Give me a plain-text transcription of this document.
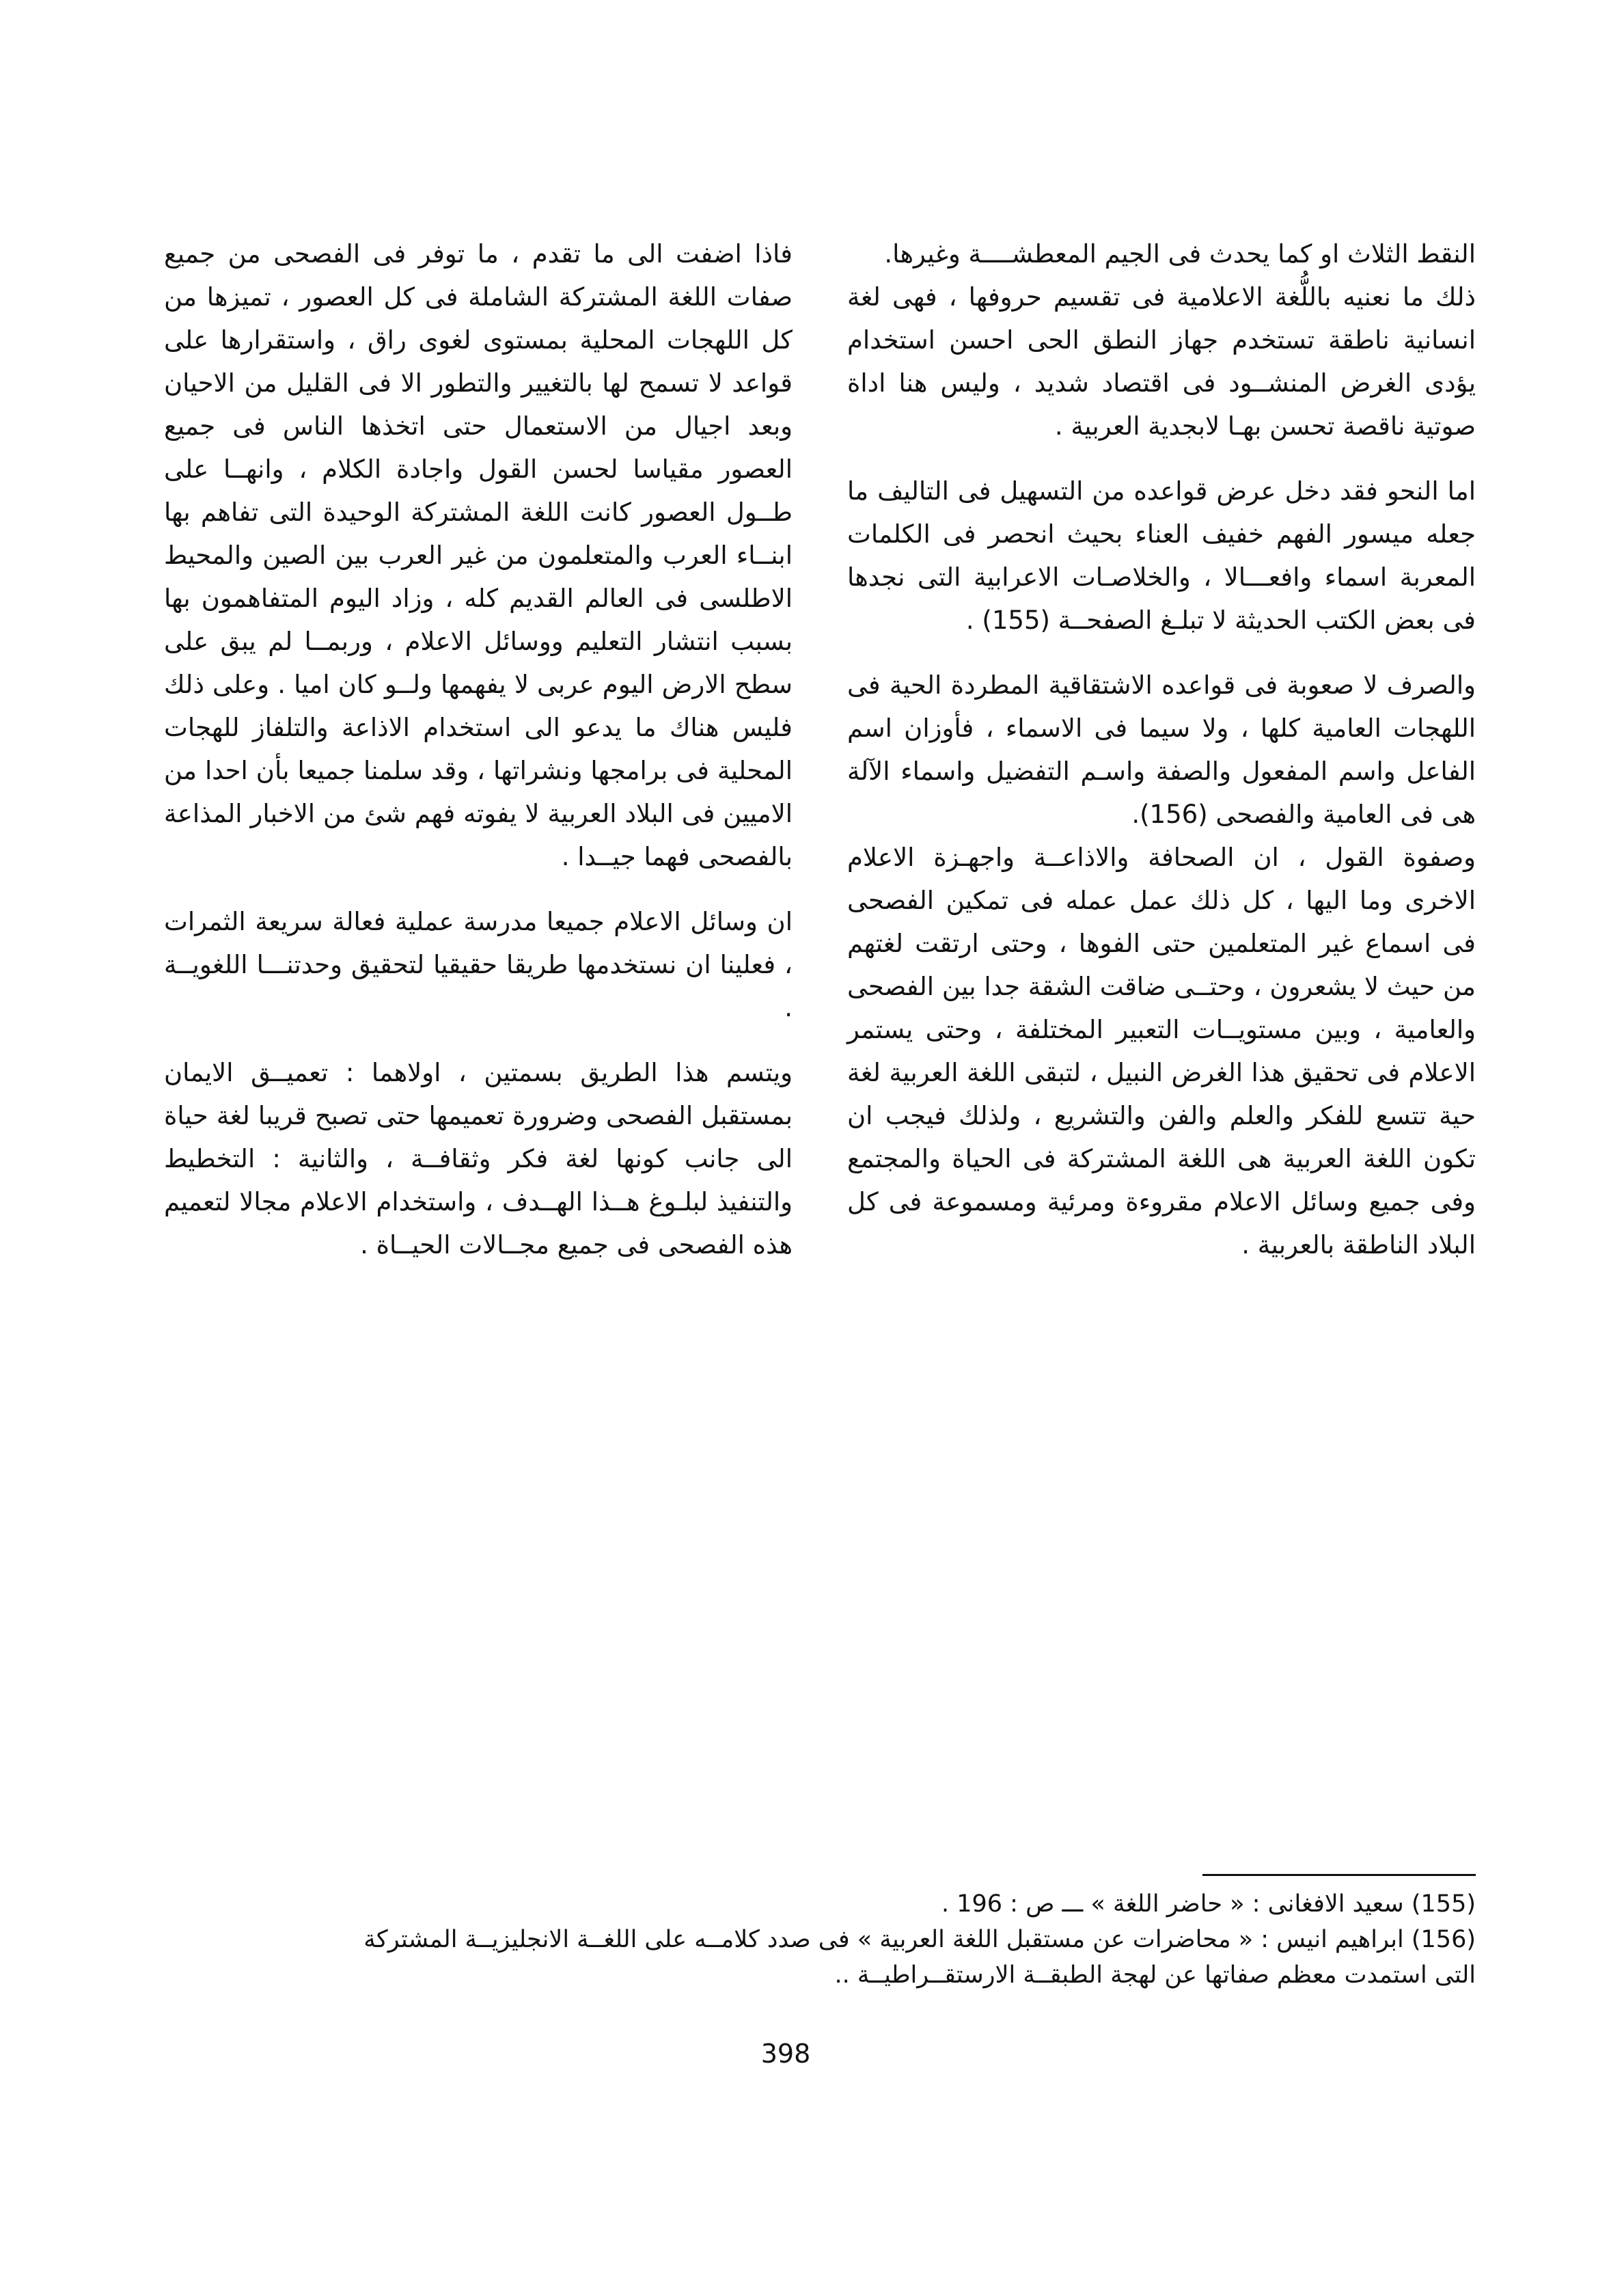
النقط الثلاث او كما يحدث فى الجيم المعطشــــة وغيرها.
ذلك ما نعنيه باللُّغة الاعلامية فى تقسيم حروفها ، فهى لغة انسانية ناطقة تستخدم جهاز النطق الحى احسن استخدام يؤدى الغرض المنشــود فى اقتصاد شديد ، وليس هنا اداة صوتية ناقصة تحسن بهـا لابجدية العربية .

اما النحو فقد دخل عرض قواعده من التسهيل فى التاليف ما جعله ميسور الفهم خفيف العناء بحيث انحصر فى الكلمات المعربة اسماء وافعـــالا ، والخلاصـات الاعرابية التى نجدها فى بعض الكتب الحديثة لا تبلـغ الصفحــة (155) .

والصرف لا صعوبة فى قواعده الاشتقاقية المطردة الحية فى اللهجات العامية كلها ، ولا سيما فى الاسماء ، فأوزان اسم الفاعل واسم المفعول والصفة واسـم التفضيل واسماء الآلة هى فى العامية والفصحى (156).

وصفوة القول ، ان الصحافة والاذاعــة واجهـزة الاعلام الاخرى وما اليها ، كل ذلك عمل عمله فى تمكين الفصحى فى اسماع غير المتعلمين حتى الفوها ، وحتى ارتقت لغتهم من حيث لا يشعرون ، وحتــى ضاقت الشقة جدا بين الفصحى والعامية ، وبين مستويــات التعبير المختلفة ، وحتى يستمر الاعلام فى تحقيق هذا الغرض النبيل ، لتبقى اللغة العربية لغة حية تتسع للفكر والعلم والفن والتشريع ، ولذلك فيجب ان تكون اللغة العربية هى اللغة المشتركة فى الحياة والمجتمع وفى جميع وسائل الاعلام مقروءة ومرئية ومسموعة فى كل البلاد الناطقة بالعربية .

فاذا اضفت الى ما تقدم ، ما توفر فى الفصحى من جميع صفات اللغة المشتركة الشاملة فى كل العصور ، تميزها من كل اللهجات المحلية بمستوى لغوى راق ، واستقرارها على قواعد لا تسمح لها بالتغيير والتطور الا فى القليل من الاحيان وبعد اجيال من الاستعمال حتى اتخذها الناس فى جميع العصور مقياسا لحسن القول واجادة الكلام ، وانهــا على طــول العصور كانت اللغة المشتركة الوحيدة التى تفاهم بها ابنــاء العرب والمتعلمون من غير العرب بين الصين والمحيط الاطلسى فى العالم القديم كله ، وزاد اليوم المتفاهمون بها بسبب انتشار التعليم ووسائل الاعلام ، وربمــا لم يبق على سطح الارض اليوم عربى لا يفهمها ولــو كان اميا . وعلى ذلك فليس هناك ما يدعو الى استخدام الاذاعة والتلفاز للهجات المحلية فى برامجها ونشراتها ، وقد سلمنا جميعا بأن احدا من الاميين فى البلاد العربية لا يفوته فهم شئ من الاخبار المذاعة بالفصحى فهما جيــدا .

ان وسائل الاعلام جميعا مدرسة عملية فعالة سريعة الثمرات ، فعلينا ان نستخدمها طريقا حقيقيا لتحقيق وحدتنـــا اللغويــة .

ويتسم هذا الطريق بسمتين ، اولاهما : تعميــق الايمان بمستقبل الفصحى وضرورة تعميمها حتى تصبح قريبا لغة حياة الى جانب كونها لغة فكر وثقافــة ، والثانية : التخطيط والتنفيذ لبلـوغ هــذا الهــدف ، واستخدام الاعلام مجالا لتعميم هذه الفصحى فى جميع مجــالات الحيــاة .

(155) سعيد الافغانى : « حاضر اللغة » ـــ ص : 196 .

(156) ابراهيم انيس : « محاضرات عن مستقبل اللغة العربية » فى صدد كلامــه على اللغــة الانجليزيــة المشتركة التى استمدت معظم صفاتها عن لهجة الطبقــة الارستقــراطيــة ..

398
